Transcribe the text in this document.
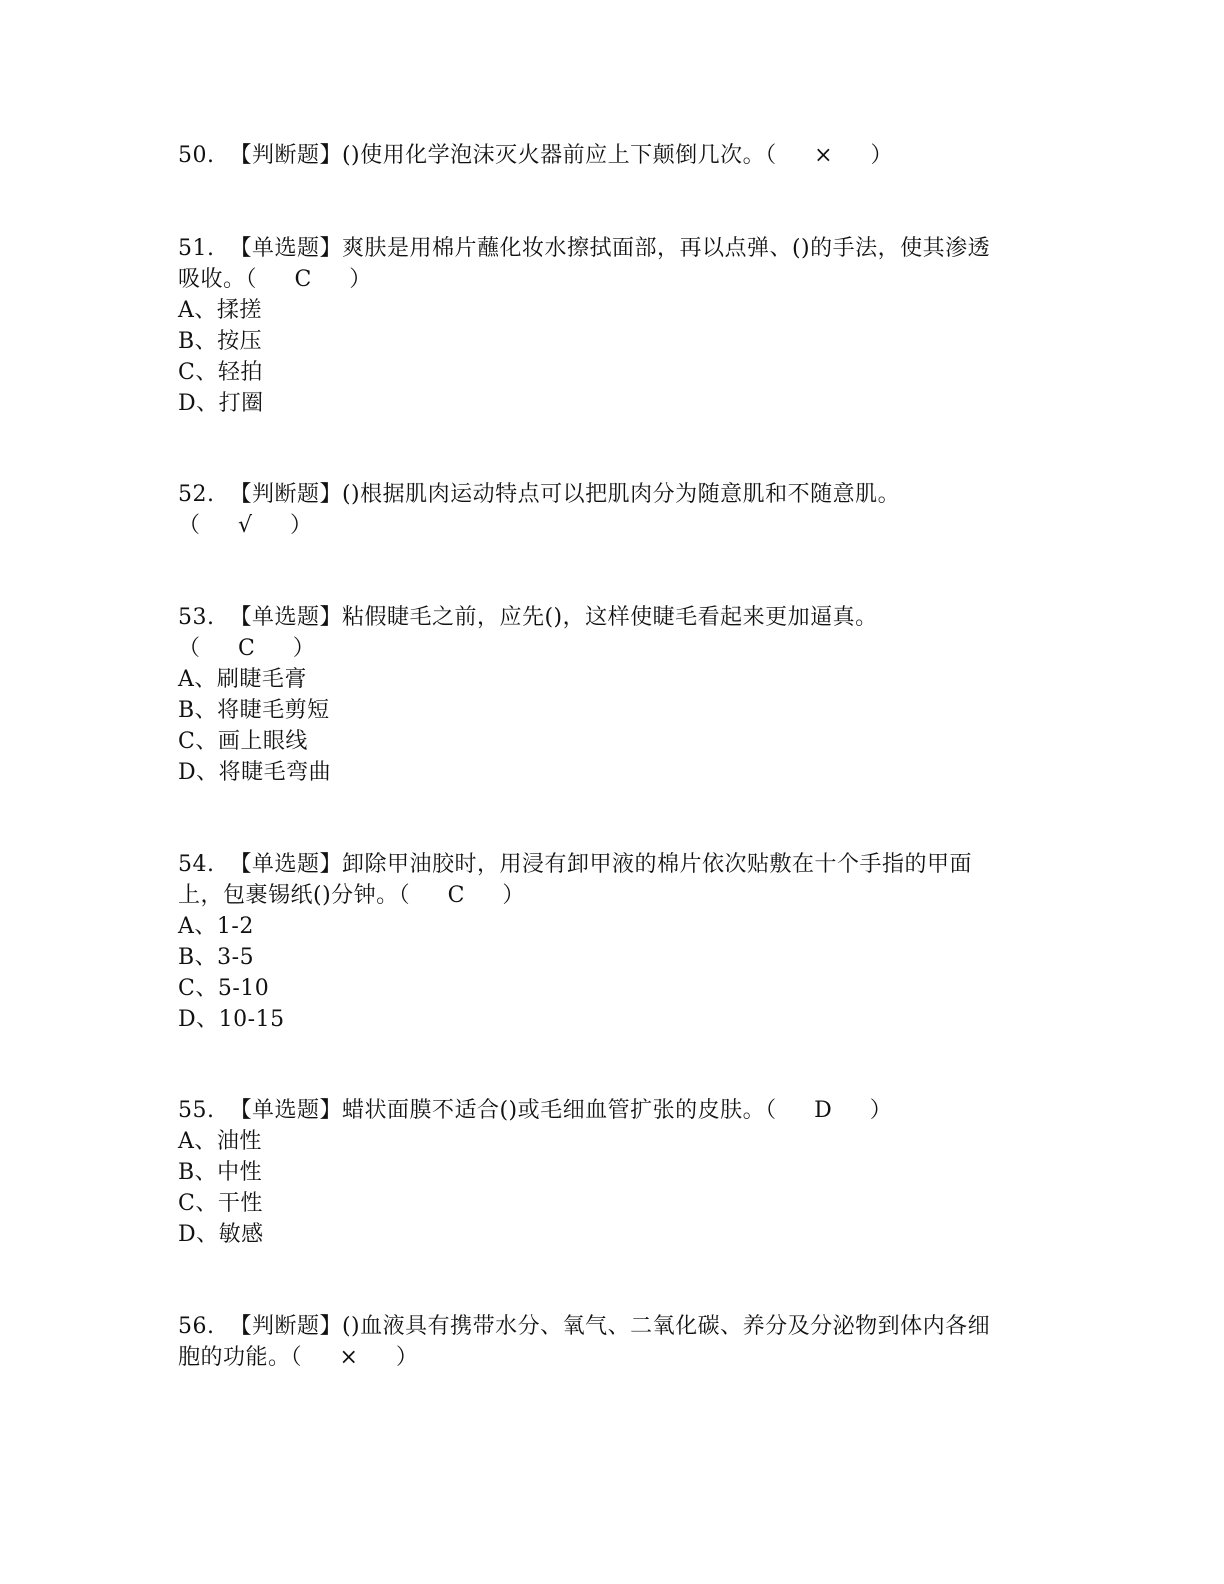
50.  【判断题】()使用化学泡沫灭火器前应上下颠倒几次。（     ×     ）
51.  【单选题】爽肤是用棉片蘸化妆水擦拭面部，再以点弹、()的手法，使其渗透
吸收。（     C     ）
A、揉搓
B、按压
C、轻拍
D、打圈
52.  【判断题】()根据肌肉运动特点可以把肌肉分为随意肌和不随意肌。
（     √     ）
53.  【单选题】粘假睫毛之前，应先()，这样使睫毛看起来更加逼真。
（     C     ）
A、刷睫毛膏
B、将睫毛剪短
C、画上眼线
D、将睫毛弯曲
54.  【单选题】卸除甲油胶时，用浸有卸甲液的棉片依次贴敷在十个手指的甲面
上，包裹锡纸()分钟。（     C     ）
A、1-2
B、3-5
C、5-10
D、10-15
55.  【单选题】蜡状面膜不适合()或毛细血管扩张的皮肤。（     D     ）
A、油性
B、中性
C、干性
D、敏感
56.  【判断题】()血液具有携带水分、氧气、二氧化碳、养分及分泌物到体内各细
胞的功能。（     ×     ）
